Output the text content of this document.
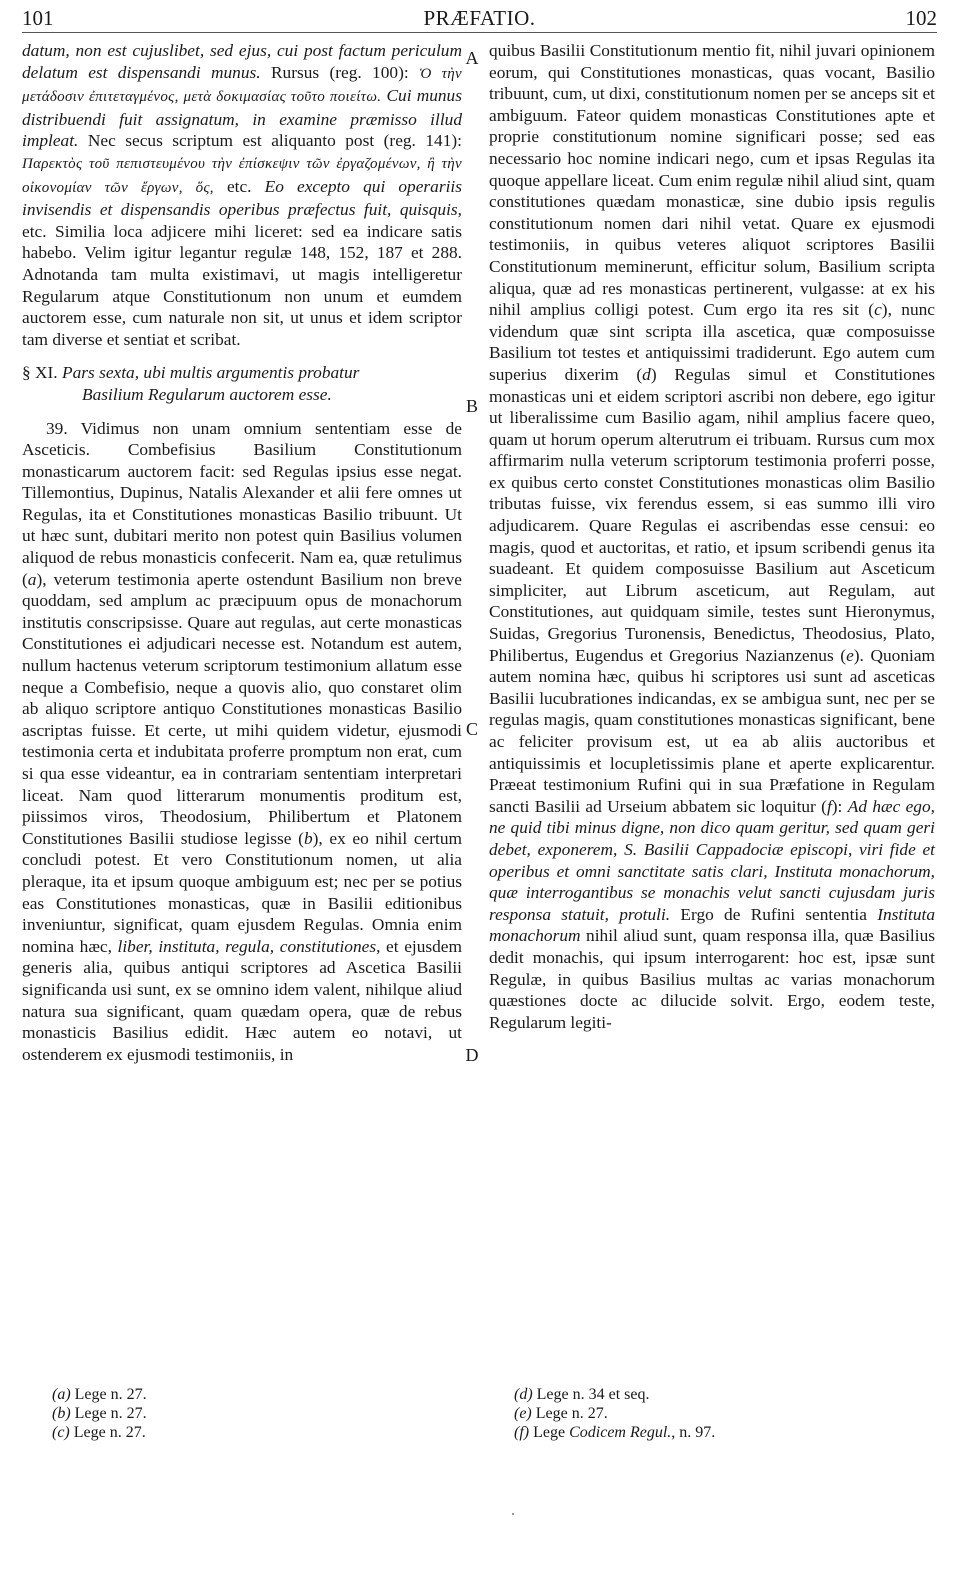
101	PRÆFATIO.	102

datum, non est cujuslibet, sed ejus, cui post factum periculum delatum est dispensandi munus. Rursus (reg. 100): Ὁ τὴν μετάδοσιν ἐπιτεταγμένος, μετὰ δοκιμασίας τοῦτο ποιείτω. Cui munus distribuendi fuit assignatum, in examine præmisso illud impleat. Nec secus scriptum est aliquanto post (reg. 141): Παρεκτὸς τοῦ πεπιστευμένου τὴν ἐπίσκεψιν τῶν ἐργαζομένων, ἢ τὴν οἰκονομίαν τῶν ἔργων, ὅς, etc. Eo excepto qui operariis invisendis et dispensandis operibus præfectus fuit, quisquis, etc. Similia loca adjicere mihi liceret: sed ea indicare satis habebo. Velim igitur legantur regulæ 148, 152, 187 et 288. Adnotanda tam multa existimavi, ut magis intelligeretur Regularum atque Constitutionum non unum et eumdem auctorem esse, cum naturale non sit, ut unus et idem scriptor tam diverse et sentiat et scribat.

§ XI. Pars sexta, ubi multis argumentis probatur
Basilium Regularum auctorem esse.

39. Vidimus non unam omnium sententiam esse de Asceticis. Combefisius Basilium Constitutionum monasticarum auctorem facit: sed Regulas ipsius esse negat. Tillemontius, Dupinus, Natalis Alexander et alii fere omnes ut Regulas, ita et Constitutiones monasticas Basilio tribuunt. Ut ut hæc sunt, dubitari merito non potest quin Basilius volumen aliquod de rebus monasticis confecerit. Nam ea, quæ retulimus (a), veterum testimonia aperte ostendunt Basilium non breve quoddam, sed amplum ac præcipuum opus de monachorum institutis conscripsisse. Quare aut regulas, aut certe monasticas Constitutiones ei adjudicari necesse est. Notandum est autem, nullum hactenus veterum scriptorum testimonium allatum esse neque a Combefisio, neque a quovis alio, quo constaret olim ab aliquo scriptore antiquo Constitutiones monasticas Basilio ascriptas fuisse. Et certe, ut mihi quidem videtur, ejusmodi testimonia certa et indubitata proferre promptum non erat, cum si qua esse videantur, ea in contrariam sententiam interpretari liceat. Nam quod litterarum monumentis proditum est, piissimos viros, Theodosium, Philibertum et Platonem Constitutiones Basilii studiose legisse (b), ex eo nihil certum concludi potest. Et vero Constitutionum nomen, ut alia pleraque, ita et ipsum quoque ambiguum est; nec per se potius eas Constitutiones monasticas, quæ in Basilii editionibus inveniuntur, significat, quam ejusdem Regulas. Omnia enim nomina hæc, liber, instituta, regula, constitutiones, et ejusdem generis alia, quibus antiqui scriptores ad Ascetica Basilii significanda usi sunt, ex se omnino idem valent, nihilque aliud natura sua significant, quam quædam opera, quæ de rebus monasticis Basilius edidit. Hæc autem eo notavi, ut ostenderem ex ejusmodi testimoniis, in

A
B
C
D

quibus Basilii Constitutionum mentio fit, nihil juvari opinionem eorum, qui Constitutiones monasticas, quas vocant, Basilio tribuunt, cum, ut dixi, constitutionum nomen per se anceps sit et ambiguum. Fateor quidem monasticas Constitutiones apte et proprie constitutionum nomine significari posse; sed eas necessario hoc nomine indicari nego, cum et ipsas Regulas ita quoque appellare liceat. Cum enim regulæ nihil aliud sint, quam constitutiones quædam monasticæ, sine dubio ipsis regulis constitutionum nomen dari nihil vetat. Quare ex ejusmodi testimoniis, in quibus veteres aliquot scriptores Basilii Constitutionum meminerunt, efficitur solum, Basilium scripta aliqua, quæ ad res monasticas pertinerent, vulgasse: at ex his nihil amplius colligi potest. Cum ergo ita res sit (c), nunc videndum quæ sint scripta illa ascetica, quæ composuisse Basilium tot testes et antiquissimi tradiderunt. Ego autem cum superius dixerim (d) Regulas simul et Constitutiones monasticas uni et eidem scriptori ascribi non debere, ego igitur ut liberalissime cum Basilio agam, nihil amplius facere queo, quam ut horum operum alterutrum ei tribuam. Rursus cum mox affirmarim nulla veterum scriptorum testimonia proferri posse, ex quibus certo constet Constitutiones monasticas olim Basilio tributas fuisse, vix ferendus essem, si eas summo illi viro adjudicarem. Quare Regulas ei ascribendas esse censui: eo magis, quod et auctoritas, et ratio, et ipsum scribendi genus ita suadeant. Et quidem composuisse Basilium aut Asceticum simpliciter, aut Librum asceticum, aut Regulam, aut Constitutiones, aut quidquam simile, testes sunt Hieronymus, Suidas, Gregorius Turonensis, Benedictus, Theodosius, Plato, Philibertus, Eugendus et Gregorius Nazianzenus (e). Quoniam autem nomina hæc, quibus hi scriptores usi sunt ad asceticas Basilii lucubrationes indicandas, ex se ambigua sunt, nec per se regulas magis, quam constitutiones monasticas significant, bene ac feliciter provisum est, ut ea ab aliis auctoribus et antiquissimis et locupletissimis plane et aperte explicarentur. Præeat testimonium Rufini qui in sua Præfatione in Regulam sancti Basilii ad Urseium abbatem sic loquitur (f): Ad hæc ego, ne quid tibi minus digne, non dico quam geritur, sed quam geri debet, exponerem, S. Basilii Cappadociæ episcopi, viri fide et operibus et omni sanctitate satis clari, Instituta monachorum, quæ interrogantibus se monachis velut sancti cujusdam juris responsa statuit, protuli. Ergo de Rufini sententia Instituta monachorum nihil aliud sunt, quam responsa illa, quæ Basilius dedit monachis, qui ipsum interrogarent: hoc est, ipsæ sunt Regulæ, in quibus Basilius multas ac varias monachorum quæstiones docte ac dilucide solvit. Ergo, eodem teste, Regularum legiti-

(a) Lege n. 27.
(b) Lege n. 27.
(c) Lege n. 27.
(d) Lege n. 34 et seq.
(e) Lege n. 27.
(f) Lege Codicem Regul., n. 97.
